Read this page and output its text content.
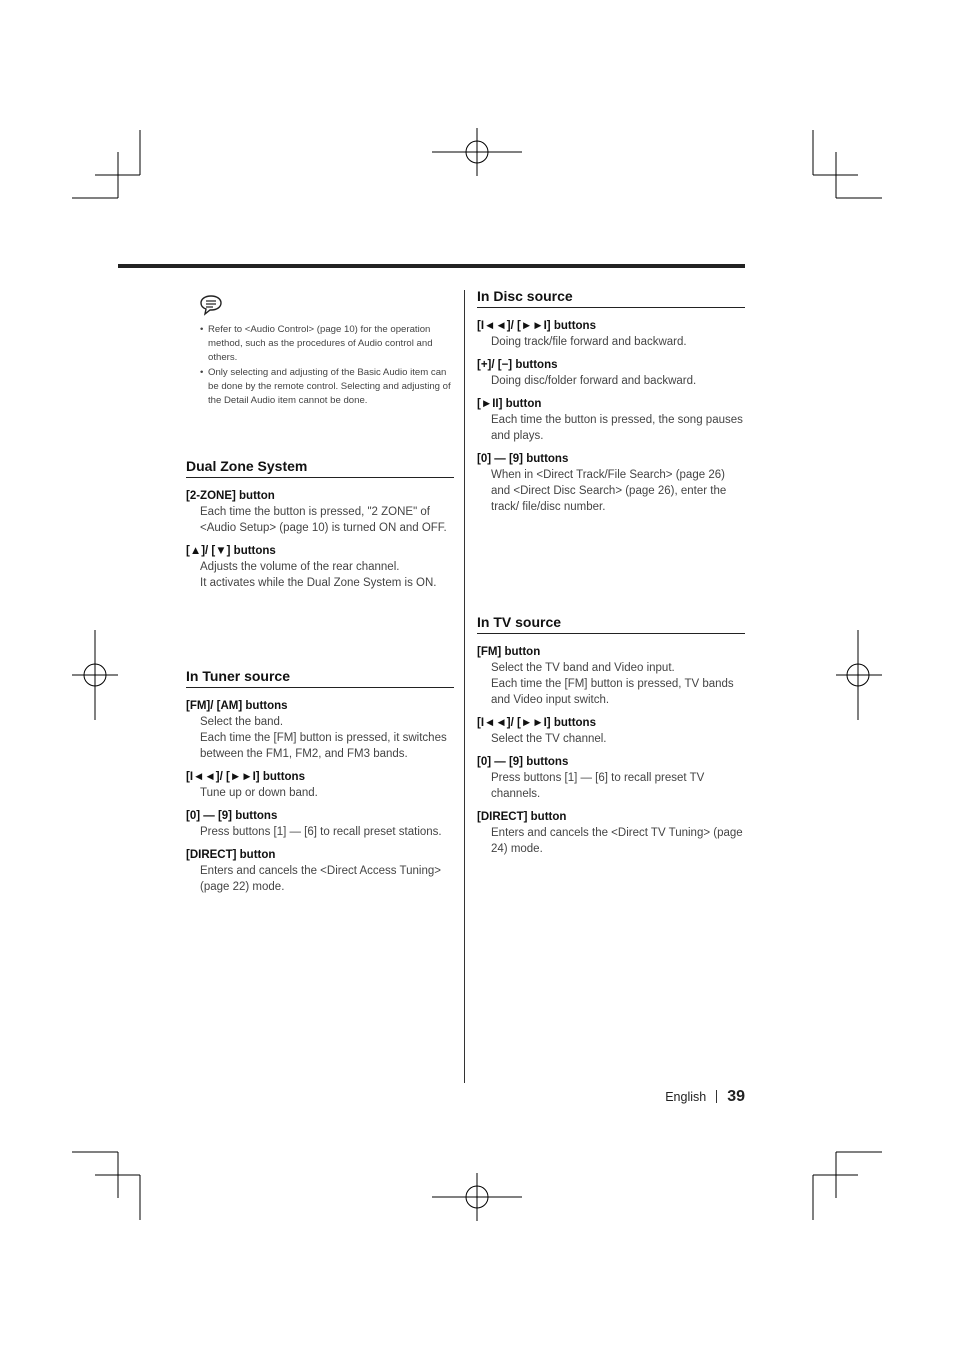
• Refer to <Audio Control> (page 10) for the operation method, such as the procedures of Audio control and others.
• Only selecting and adjusting of the Basic Audio item can be done by the remote control. Selecting and adjusting of the Detail Audio item cannot be done.
Dual Zone System
[2-ZONE] button
Each time the button is pressed, "2 ZONE" of <Audio Setup> (page 10) is turned ON and OFF.
[▲]/ [▼] buttons
Adjusts the volume of the rear channel.
It activates while the Dual Zone System is ON.
In Tuner source
[FM]/ [AM] buttons
Select the band.
Each time the [FM] button is pressed, it switches between the FM1, FM2, and FM3 bands.
[I◄◄]/ [►►I] buttons
Tune up or down band.
[0] — [9] buttons
Press buttons [1] — [6] to recall preset stations.
[DIRECT] button
Enters and cancels the <Direct Access Tuning> (page 22) mode.
In Disc source
[I◄◄]/ [►►I] buttons
Doing track/file forward and backward.
[+]/ [−] buttons
Doing disc/folder forward and backward.
[►II] button
Each time the button is pressed, the song pauses and plays.
[0] — [9] buttons
When in <Direct Track/File Search> (page 26) and <Direct Disc Search> (page 26), enter the track/ file/disc number.
In TV source
[FM] button
Select the TV band and Video input.
Each time the [FM] button is pressed, TV bands and Video input switch.
[I◄◄]/ [►►I] buttons
Select the TV channel.
[0] — [9] buttons
Press buttons [1] — [6] to recall preset TV channels.
[DIRECT] button
Enters and cancels the <Direct TV Tuning> (page 24) mode.
English 39
